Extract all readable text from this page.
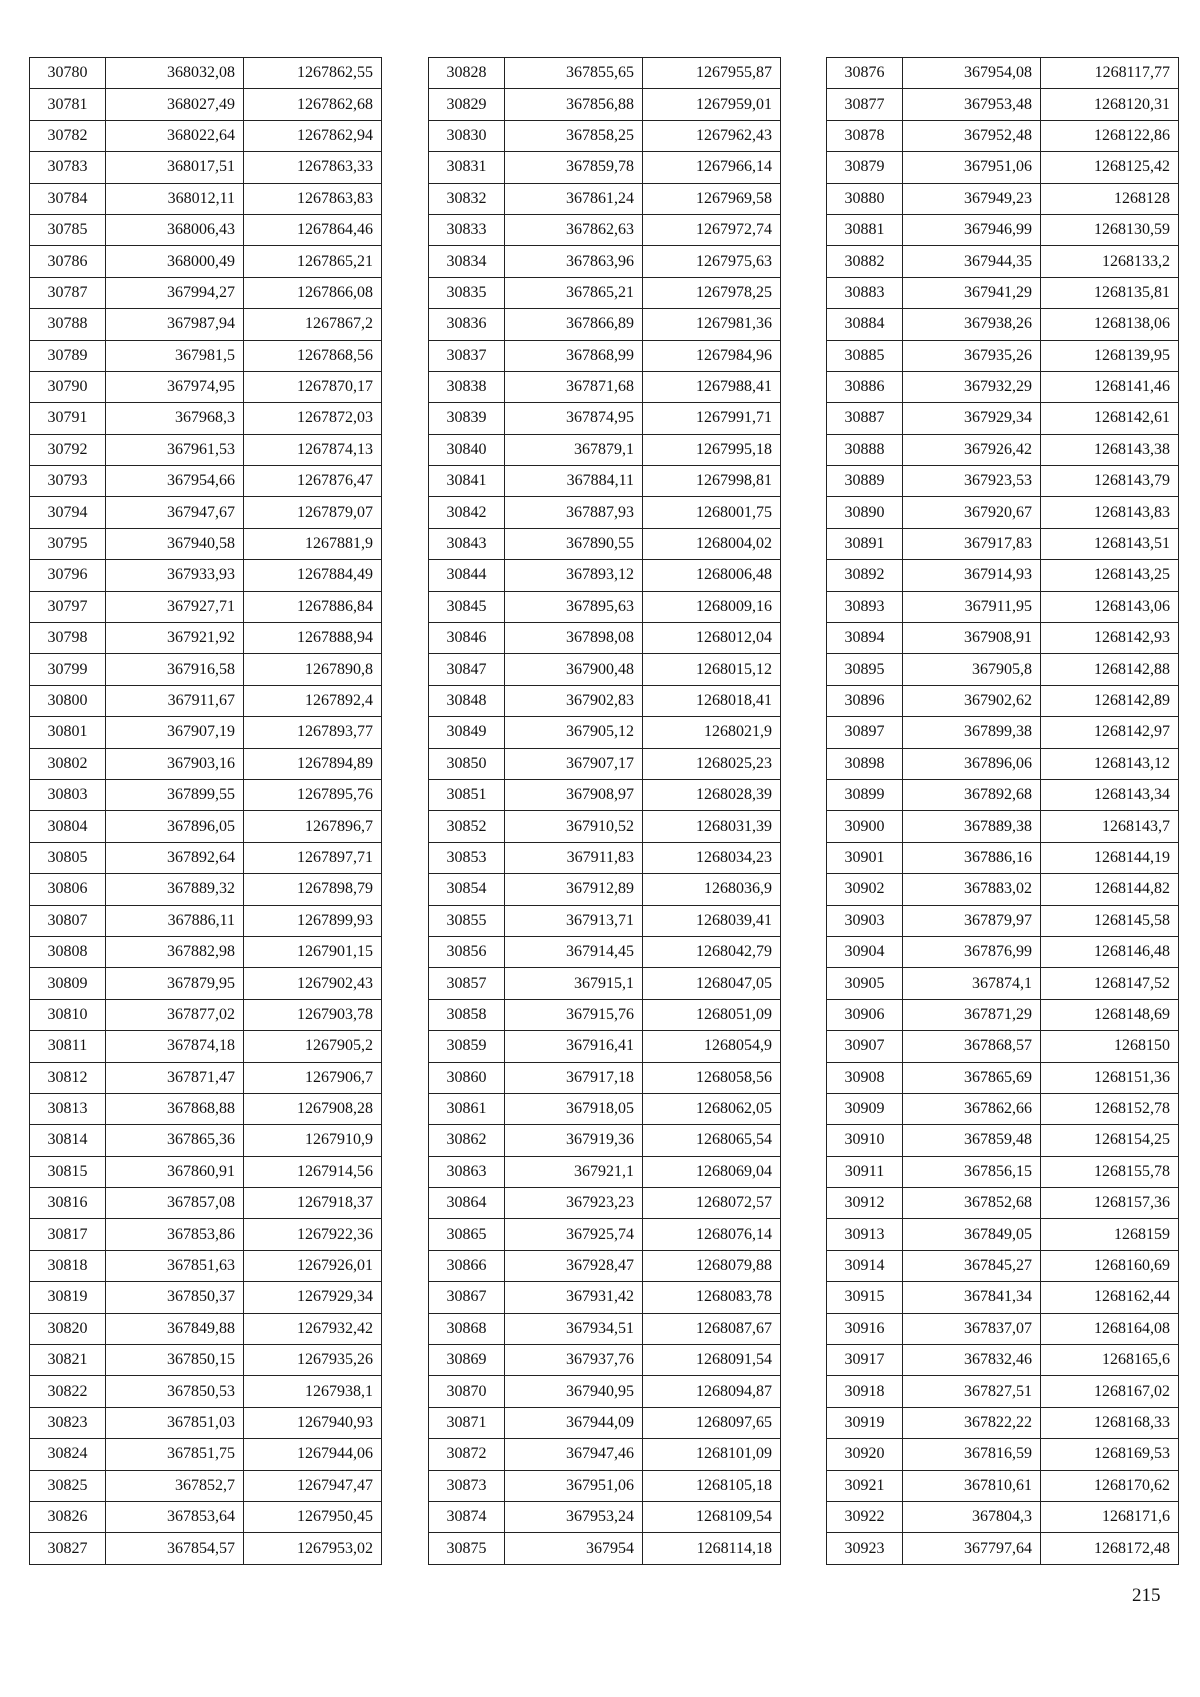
30780	368032,08	1267862,55
30781	368027,49	1267862,68
30782	368022,64	1267862,94
30783	368017,51	1267863,33
30784	368012,11	1267863,83
30785	368006,43	1267864,46
30786	368000,49	1267865,21
30787	367994,27	1267866,08
30788	367987,94	1267867,2
30789	367981,5	1267868,56
30790	367974,95	1267870,17
30791	367968,3	1267872,03
30792	367961,53	1267874,13
30793	367954,66	1267876,47
30794	367947,67	1267879,07
30795	367940,58	1267881,9
30796	367933,93	1267884,49
30797	367927,71	1267886,84
30798	367921,92	1267888,94
30799	367916,58	1267890,8
30800	367911,67	1267892,4
30801	367907,19	1267893,77
30802	367903,16	1267894,89
30803	367899,55	1267895,76
30804	367896,05	1267896,7
30805	367892,64	1267897,71
30806	367889,32	1267898,79
30807	367886,11	1267899,93
30808	367882,98	1267901,15
30809	367879,95	1267902,43
30810	367877,02	1267903,78
30811	367874,18	1267905,2
30812	367871,47	1267906,7
30813	367868,88	1267908,28
30814	367865,36	1267910,9
30815	367860,91	1267914,56
30816	367857,08	1267918,37
30817	367853,86	1267922,36
30818	367851,63	1267926,01
30819	367850,37	1267929,34
30820	367849,88	1267932,42
30821	367850,15	1267935,26
30822	367850,53	1267938,1
30823	367851,03	1267940,93
30824	367851,75	1267944,06
30825	367852,7	1267947,47
30826	367853,64	1267950,45
30827	367854,57	1267953,02
30828	367855,65	1267955,87
30829	367856,88	1267959,01
30830	367858,25	1267962,43
30831	367859,78	1267966,14
30832	367861,24	1267969,58
30833	367862,63	1267972,74
30834	367863,96	1267975,63
30835	367865,21	1267978,25
30836	367866,89	1267981,36
30837	367868,99	1267984,96
30838	367871,68	1267988,41
30839	367874,95	1267991,71
30840	367879,1	1267995,18
30841	367884,11	1267998,81
30842	367887,93	1268001,75
30843	367890,55	1268004,02
30844	367893,12	1268006,48
30845	367895,63	1268009,16
30846	367898,08	1268012,04
30847	367900,48	1268015,12
30848	367902,83	1268018,41
30849	367905,12	1268021,9
30850	367907,17	1268025,23
30851	367908,97	1268028,39
30852	367910,52	1268031,39
30853	367911,83	1268034,23
30854	367912,89	1268036,9
30855	367913,71	1268039,41
30856	367914,45	1268042,79
30857	367915,1	1268047,05
30858	367915,76	1268051,09
30859	367916,41	1268054,9
30860	367917,18	1268058,56
30861	367918,05	1268062,05
30862	367919,36	1268065,54
30863	367921,1	1268069,04
30864	367923,23	1268072,57
30865	367925,74	1268076,14
30866	367928,47	1268079,88
30867	367931,42	1268083,78
30868	367934,51	1268087,67
30869	367937,76	1268091,54
30870	367940,95	1268094,87
30871	367944,09	1268097,65
30872	367947,46	1268101,09
30873	367951,06	1268105,18
30874	367953,24	1268109,54
30875	367954	1268114,18
30876	367954,08	1268117,77
30877	367953,48	1268120,31
30878	367952,48	1268122,86
30879	367951,06	1268125,42
30880	367949,23	1268128
30881	367946,99	1268130,59
30882	367944,35	1268133,2
30883	367941,29	1268135,81
30884	367938,26	1268138,06
30885	367935,26	1268139,95
30886	367932,29	1268141,46
30887	367929,34	1268142,61
30888	367926,42	1268143,38
30889	367923,53	1268143,79
30890	367920,67	1268143,83
30891	367917,83	1268143,51
30892	367914,93	1268143,25
30893	367911,95	1268143,06
30894	367908,91	1268142,93
30895	367905,8	1268142,88
30896	367902,62	1268142,89
30897	367899,38	1268142,97
30898	367896,06	1268143,12
30899	367892,68	1268143,34
30900	367889,38	1268143,7
30901	367886,16	1268144,19
30902	367883,02	1268144,82
30903	367879,97	1268145,58
30904	367876,99	1268146,48
30905	367874,1	1268147,52
30906	367871,29	1268148,69
30907	367868,57	1268150
30908	367865,69	1268151,36
30909	367862,66	1268152,78
30910	367859,48	1268154,25
30911	367856,15	1268155,78
30912	367852,68	1268157,36
30913	367849,05	1268159
30914	367845,27	1268160,69
30915	367841,34	1268162,44
30916	367837,07	1268164,08
30917	367832,46	1268165,6
30918	367827,51	1268167,02
30919	367822,22	1268168,33
30920	367816,59	1268169,53
30921	367810,61	1268170,62
30922	367804,3	1268171,6
30923	367797,64	1268172,48
215
